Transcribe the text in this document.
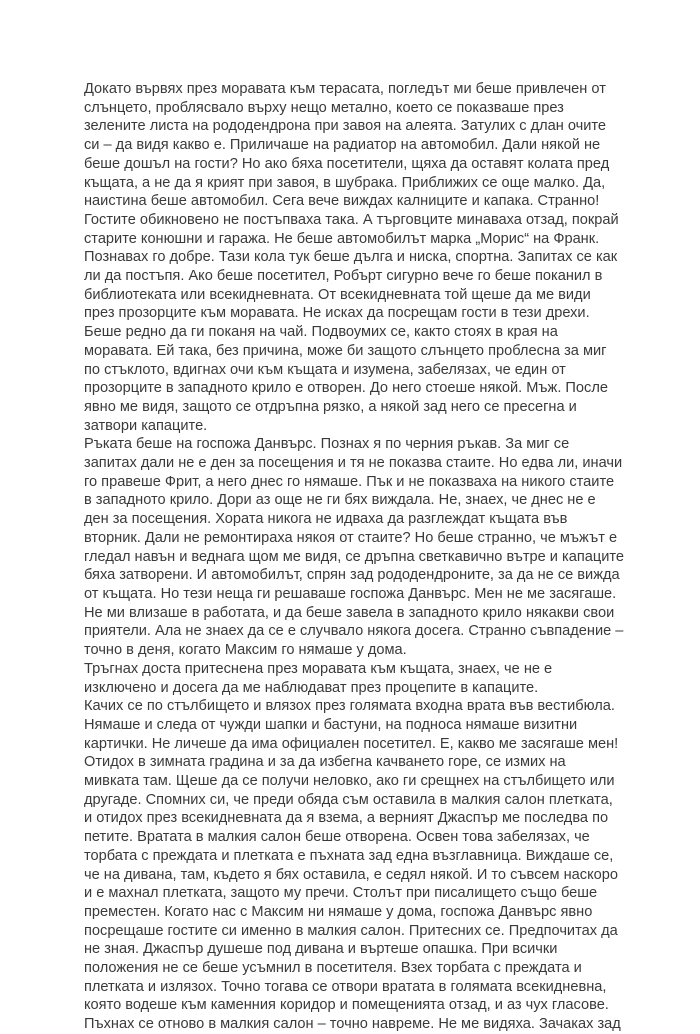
Докато вървях през моравата към терасата, погледът ми беше привлечен от слънцето, проблясвало върху нещо метално, което се показваше през зелените листа на рододендрона при завоя на алеята. Затулих с длан очите си – да видя какво е. Приличаше на радиатор на автомобил. Дали някой не беше дошъл на гости? Но ако бяха посетители, щяха да оставят колата пред къщата, а не да я крият при завоя, в шубрака. Приближих се още малко. Да, наистина беше автомобил. Сега вече виждах калниците и капака. Странно! Гостите обикновено не постъпваха така. А търговците минаваха отзад, покрай старите конюшни и гаража. Не беше автомобилът марка „Морис“ на Франк. Познавах го добре. Тази кола тук беше дълга и ниска, спортна. Запитах се как ли да постъпя. Ако беше посетител, Робърт сигурно вече го беше поканил в библиотеката или всекидневната. От всекидневната той щеше да ме види през прозорците към моравата. Не исках да посрещам гости в тези дрехи. Беше редно да ги поканя на чай. Подвоумих се, както стоях в края на моравата. Ей така, без причина, може би защото слънцето проблесна за миг по стъклото, вдигнах очи към къщата и изумена, забелязах, че един от прозорците в западното крило е отворен. До него стоеше някой. Мъж. После явно ме видя, защото се отдръпна рязко, а някой зад него се пресегна и затвори капаците.

Ръката беше на госпожа Данвърс. Познах я по черния ръкав. За миг се запитах дали не е ден за посещения и тя не показва стаите. Но едва ли, иначи го правеше Фрит, а него днес го нямаше. Пък и не показваха на никого стаите в западното крило. Дори аз още не ги бях виждала. Не, знаех, че днес не е ден за посещения. Хората никога не идваха да разглеждат къщата във вторник. Дали не ремонтираха някоя от стаите? Но беше странно, че мъжът е гледал навън и веднага щом ме видя, се дръпна светкавично вътре и капаците бяха затворени. И автомобилът, спрян зад рододендроните, за да не се вижда от къщата. Но тези неща ги решаваше госпожа Данвърс. Мен не ме засягаше. Не ми влизаше в работата, и да беше завела в западното крило някакви свои приятели. Ала не знаех да се е случвало някога досега. Странно съвпадение – точно в деня, когато Максим го нямаше у дома.

Тръгнах доста притеснена през моравата към къщата, знаех, че не е изключено и досега да ме наблюдават през процепите в капаците.

Качих се по стълбището и влязох през голямата входна врата във вестибюла. Нямаше и следа от чужди шапки и бастуни, на подноса нямаше визитни картички. Не личеше да има официален посетител. Е, какво ме засягаше мен! Отидох в зимната градина и за да избегна качването горе, се измих на мивката там. Щеше да се получи неловко, ако ги срещнех на стълбището или другаде. Спомних си, че преди обяда съм оставила в малкия салон плетката, и отидох през всекидневната да я взема, а верният Джаспър ме последва по петите. Вратата в малкия салон беше отворена. Освен това забелязах, че торбата с преждата и плетката е пъхната зад една възглавница. Виждаше се, че на дивана, там, където я бях оставила, е седял някой. И то съвсем наскоро и е махнал плетката, защото му пречи. Столът при писалището също беше преместен. Когато нас с Максим ни нямаше у дома, госпожа Данвърс явно посрещаше гостите си именно в малкия салон. Притесних се. Предпочитах да не зная. Джаспър душеше под дивана и въртеше опашка. При всички положения не се беше усъмнил в посетителя. Взех торбата с преждата и плетката и излязох. Точно тогава се отвори вратата в голямата всекидневна, която водеше към каменния коридор и помещенията отзад, и аз чух гласове. Пъхнах се отново в малкия салон – точно навреме. Не ме видяха. Зачаках зад
